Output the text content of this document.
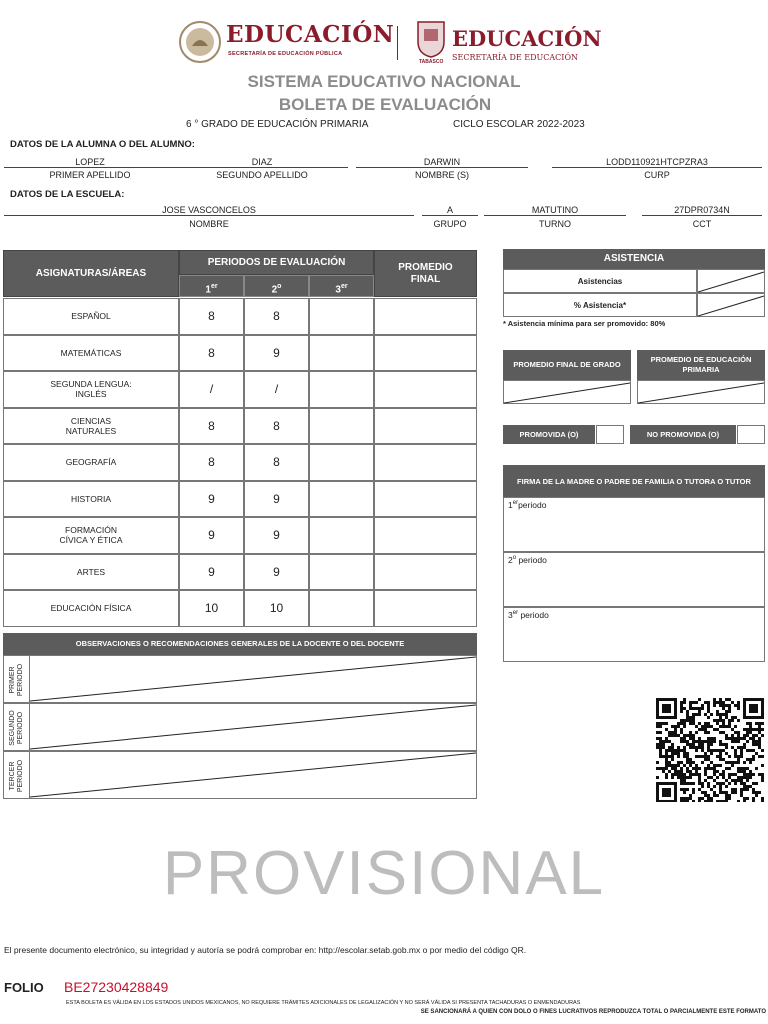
EDUCACIÓN
SECRETARÍA DE EDUCACIÓN PÚBLICA
TABASCO
EDUCACIÓN
SECRETARÍA DE EDUCACIÓN
SISTEMA EDUCATIVO NACIONAL
BOLETA DE EVALUACIÓN
6 ° GRADO DE EDUCACIÓN PRIMARIA	CICLO ESCOLAR 2022-2023
DATOS DE LA ALUMNA O DEL ALUMNO:
LOPEZ
PRIMER APELLIDO
DIAZ
SEGUNDO APELLIDO
DARWIN
NOMBRE (S)
LODD110921HTCPZRA3
CURP
DATOS DE LA ESCUELA:
JOSE VASCONCELOS
NOMBRE
A
GRUPO
MATUTINO
TURNO
27DPR0734N
CCT
ASIGNATURAS/ÁREAS
PERIODOS DE EVALUACIÓN
1er	2$^o$	3er
PROMEDIO FINAL
ESPAÑOL	8	8
MATEMÁTICAS	8	9
SEGUNDA LENGUA:
INGLÉS	/	/
CIENCIAS
NATURALES	8	8
GEOGRAFÍA	8	8
HISTORIA	9	9
FORMACIÓN
CÍVICA Y ÉTICA	9	9
ARTES	9	9
EDUCACIÓN FÍSICA	10	10
ASISTENCIA
Asistencias
% Asistencia*
* Asistencia mínima para ser promovido: 80%
PROMEDIO FINAL DE GRADO
PROMEDIO DE EDUCACIÓN PRIMARIA
PROMOVIDA (O)	NO PROMOVIDA (O)
FIRMA DE LA MADRE O PADRE DE FAMILIA O TUTORA O TUTOR
1erperiodo
2$^o$ periodo
3er periodo
OBSERVACIONES O RECOMENDACIONES GENERALES DE LA DOCENTE O DEL DOCENTE
PRIMER PERIODO
SEGUNDO PERIODO
TERCER PERIODO
PROVISIONAL
El presente documento electrónico, su integridad y autoría se podrá comprobar en: http://escolar.setab.gob.mx o por medio del código QR.
FOLIO BE27230428849
ESTA BOLETA ES VÁLIDA EN LOS ESTADOS UNIDOS MEXICANOS, NO REQUIERE TRÁMITES ADICIONALES DE LEGALIZACIÓN Y NO SERÁ VÁLIDA SI PRESENTA TACHADURAS O ENMENDADURAS
SE SANCIONARÁ A QUIEN CON DOLO O FINES LUCRATIVOS REPRODUZCA TOTAL O PARCIALMENTE ESTE FORMATO
